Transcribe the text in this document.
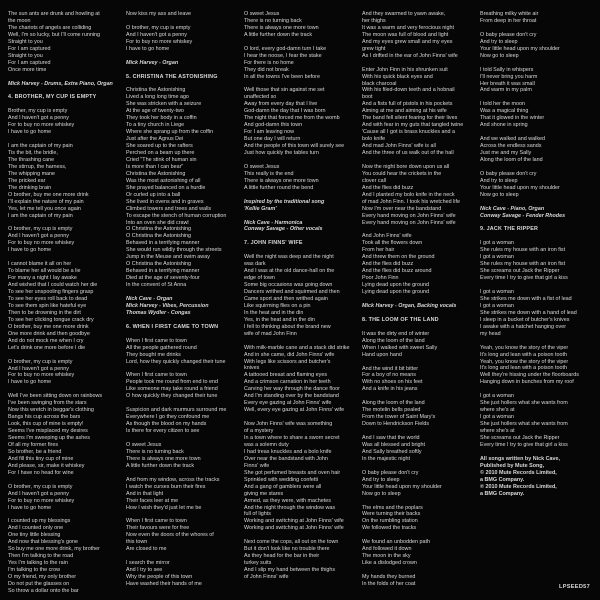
The sun ants are drunk and howling at
the moon
The chariots of angels are colliding
Well, I'm so lucky, but I'll come running
Straight to you
For I am captured
Straight to you
For I am captured
Once more time
Mick Harvey - Drums, Extra Piano, Organ
4. BROTHER, MY CUP IS EMPTY
Brother, my cup is empty
And I haven't got a penny
For to buy no more whiskey
I have to go home
I am the captain of my pain
Tis the bit, the bridle,
The thrashing cane
The stirrup, the harness,
The whipping mane
The pricked ear
The drinking brain
O brother, buy me one more drink
I'll explain the nature of my pain
Yes, let me tell you once again
I am the captain of my pain
O brother, my cup is empty
And I haven't got a penny
For to buy no more whiskey
I have to go home
I cannot blame it all on her
To blame her all would be a lie
For many a night I lay awake
And wished that I could watch her die
To see her unspooling fingers grasp
To see her eyes roll back to dead
To see them spin like hateful eye
Then to be drowning in the dirt
To see her clicking tongue crack dry
O brother, buy me one more drink
One more drink and then goodbye
And do not mock me when I cry
Let's drink one more before I die
O brother, my cup is empty
And I haven't got a penny
For to buy no more whiskey
I have to go home
Well I've been sitting down on rainbows
I've been swinging from the stars
Now this wretch in beggar's clothing
Bangs his cup across the bars
Look, this cup of mine is empty!
Seems I've misplaced my desires
Seems I'm sweeping up the ashes
Of all my former fires
So brother, be a friend
And fill this tiny cup of mine
And please, sir, make it whiskey
For I have no head for wine
O brother, my cup is empty
And I haven't got a penny
For to buy no more whiskey
I have to go home
I counted up my blessings
And I counted only one
One tiny little blessing
And now that blessing's gone
So buy me one more drink, my brother
Then I'm talking to the road
Yes I'm talking to the rain
I'm talking to the crow
O my friend, my only brother
Do not put the glasses on
So throw a dollar onto the bar
Now kiss my ass and leave
O brother, my cup is empty
And I haven't got a penny
For to buy no more whiskey
I have to go home
Mick Harvey - Organ
5. CHRISTINA THE ASTONISHING
Christina the Astonishing
Lived a long long time ago
She was stricken with a seizure
At the age of twenty-two
They took her body in a coffin
To a tiny church in Liege
Where she sprang up from the coffin
Just after the Agnus Dei
She soared up to the rafters
Perched on a beam up there
Cried "The stink of human sin
Is more than I can bear"
Christina the Astonishing
Was the most astonishing of all
She prayed balanced on a hurdle
Or curled up into a ball
She lived in ovens and in graves
Climbed towers and trees and walls
To escape the stench of human corruption
Into an oven she did crawl
O Christina the Astonishing
O Christina the Astonishing
Behaved in a terrifying manner
She would run wildly through the streets
Jump in the Meuse and swim away
O Christina the Astonishing
Behaved in a terrifying manner
Died at the age of seventy-four
In the convent of St Anna
Nick Cave - Organ
Mick Harvey - Vibes, Percussion
Thomas Wydler - Congas
6. WHEN I FIRST CAME TO TOWN
When I first came to town
All the people gathered round
They bought me drinks
Lord, how they quickly changed their tune
When I first came to town
People took me round from end to end
Like someone may take round a friend
O how quickly they changed their tune
Suspicion and dark murmurs surround me
Everywhere I go they confound me
As though the blood on my hands
Is there for every citizen to see
O sweet Jesus
There is no turning back
There is always one more town
A little further down the track
And from my window, across the tracks
I watch the curses burn their fires
And in that light
Their faces leer at me
How I wish they'd just let me be
When I first came to town
Their favours were for free
Now even the doors of the whores of
this town
Are closed to me
I search the mirror
And I try to see
Why the people of this town
Have washed their hands of me
O sweet Jesus
There is no turning back
There is always one more town
A little further down the track
O lord, every god-damn turn I take
I hear the noose, I fear the stake
For there is no home
They did not break
In all the towns I've been before
Well those that sin against me set
unaffected so
Away from every day that I live
God-damn the day that I was born
The night that forced me from the womb
And god-damn this town
For I am leaving now
But one day I will return
And the people of this town will surely see
Just how quickly the tables turn
O sweet Jesus
This really is the end
There is always one more town
A little further round the bend
Inspired by the traditional song
'Kellie Gram'
Nick Cave - Harmonica
Conway Savage - Other vocals
7. JOHN FINNS' WIFE
Well the night was deep and the night
was dark
And I was at the old dance-hall on the
edge of town
Some big occasions was going down
Dancers writhed and squirmed and then
Came sport and then writhed again
Like squirming flies on a pin
In the heat and in the din
Yes, in the heat and in the din
I fell to thinking about the brand new
wife of mad John Finn
With milk-marble cane and a stack did strike
And in she came, did John Finns' wife
With legs like scissors and butcher's
knives
A tattooed breast and flaming eyes
And a crimson carnation in her teeth
Carving her way through the dance floor
And I'm standing over by the bandstand
Every eye gazing at John Finns' wife
Well, every eye gazing at John Finns' wife
Now John Finns' wife was something
of a mystery
In a town where to share a sworn secret
was a solemn duty
I had treas knuckles and a bolo knife
Over near the bandstand with John
Finns' wife
She got perfumed breasts and oven hair
Sprinkled with wedding confetti
And a gang of gamblers were all
giving me stares
Armed, as they were, with machetes
And the night through the window was
full of lights
Working and switching at John Finns' wife
Working and switching at John Finns' wife
Next come the cops, all out on the town
But it don't look like no trouble there
As they head for the bar in their
turkey suits
And I slip my hand between the thighs
of John Finns' wife
And they swarmed to yawn awake,
her thighs
It was a warm and very ferocious night
The moon was full of blood and light
And my eyes grew small and my eyes
grew tight
As I drifted in the ear of John Finns' wife
Enter John Finn in his shrunken suit
With his quick black eyes and
black charcoal
With his filed-down teeth and a hobnail
boot
And a fists full of pistols in his pockets
Aiming at me and aiming at his wife
The band fell silent fearing for their lives
And with fear in my guts that tangled twine
'Cause all I got is brass knuckles and a
bolo knife
And mad John Finns' wife is all
And the three of us walk out of the hall
Now the night bore down upon us all
You could hear the crickets in the
clover call
And the flies did buzz
And I planted my bolo knife in the neck
of mad John Finn. I took his wretched life
Now I'm over near the bandstand
Every hand moving on John Finns' wife
Every hand moving on John Finns' wife
And John Finns' wife
Took all the flowers down
From her hair
And threw them on the ground
And the flies did buzz
And the flies did buzz around
Poor John Finn
Lying dead upon the ground
Lying dead upon the ground
Mick Harvey - Organ, Backing vocals
8. THE LOOM OF THE LAND
It was the dirty end of winter
Along the loom of the land
When I walked with sweet Sally
Hand upon hand
And the wind it bit bitter
For a boy of no means
With no shoes on his feet
And a knife in his jeans
Along the loom of the land
The motelin bells pealed
From the tower of Saint Mary's
Down to Hendrickson Fields
And I saw that the world
Was all blessed and bright
And Sally breathed softly
In the majestic night
O baby please don't cry
And try to sleep
Your little head upon my shoulder
Now go to sleep
The elms and the poplars
Were turning their backs
On the rumbling station
We followed the tracks
We found an unbodden path
And followed it down
The moon in the sky
Like a dislodged crown
My hands they burned
In the folds of her coat
Breathing milky white air
From deep in her throat
O baby please don't cry
And try to sleep
Your little head upon my shoulder
Now go to sleep
I told Sally in whispers
I'll never bring you harm
Her breath it was small
And warm in my palm
I told her the moon
Was a magical thing
That it glowed in the winter
And shone in spring
And we walked and walked
Across the endless sands
Just me and my Sally
Along the loom of the land
O baby please don't cry
And try to sleep
Your little head upon my shoulder
Now go to sleep
Nick Cave - Piano, Organ
Conway Savage - Fender Rhodes
9. JACK THE RIPPER
I got a woman
She rules my house with an iron fist
I got a woman
She rules my house with an iron fist
She screams out Jack the Ripper
Every time I try to give that girl a kiss
I got a woman
She strikes me down with a fist of lead
I got a woman
She strikes me down with a hand of lead
I sleep in a bucket of butcher's knives
I awake with a hatchet hanging over
my head
Yeah, you know the story of the viper
It's long and lean with a poison tooth
Yeah, you know the story of the viper
It's long and lean with a poison tooth
Well they're hissing under the floorboards
Hanging down in bunches from my roof
I got a woman
She just hollers what she wants from
where she's at
I got a woman
She just hollers what she wants from
where she's at
She screams out Jack the Ripper
Every time I try to give that girl a kiss
All songs written by Nick Cave,
Published by Mute Song,
© 2010 Mute Records Limited,
a BMG Company.
℗ 2010 Mute Records Limited,
a BMG Company.
LPSEED57
